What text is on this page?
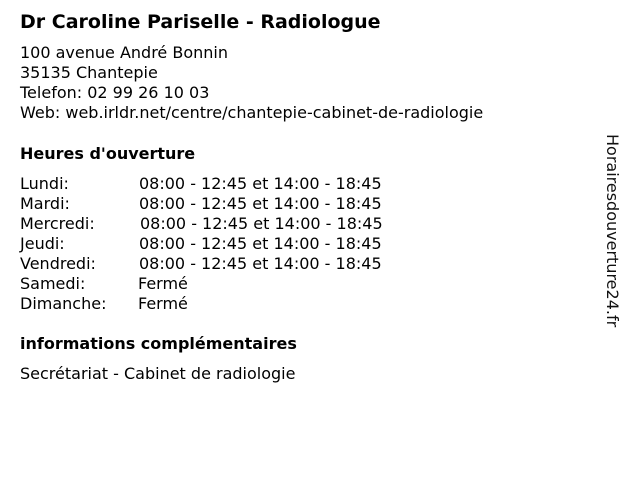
Dr Caroline Pariselle - Radiologue
100 avenue André Bonnin
35135 Chantepie
Telefon: 02 99 26 10 03
Web: web.irldr.net/centre/chantepie-cabinet-de-radiologie
Heures d'ouverture
Lundi:	08:00 - 12:45 et 14:00 - 18:45
Mardi:	08:00 - 12:45 et 14:00 - 18:45
Mercredi:	08:00 - 12:45 et 14:00 - 18:45
Jeudi:	08:00 - 12:45 et 14:00 - 18:45
Vendredi:	08:00 - 12:45 et 14:00 - 18:45
Samedi:	Fermé
Dimanche: Fermé
informations complémentaires
Secrétariat - Cabinet de radiologie
Horairesdouverture24.fr
